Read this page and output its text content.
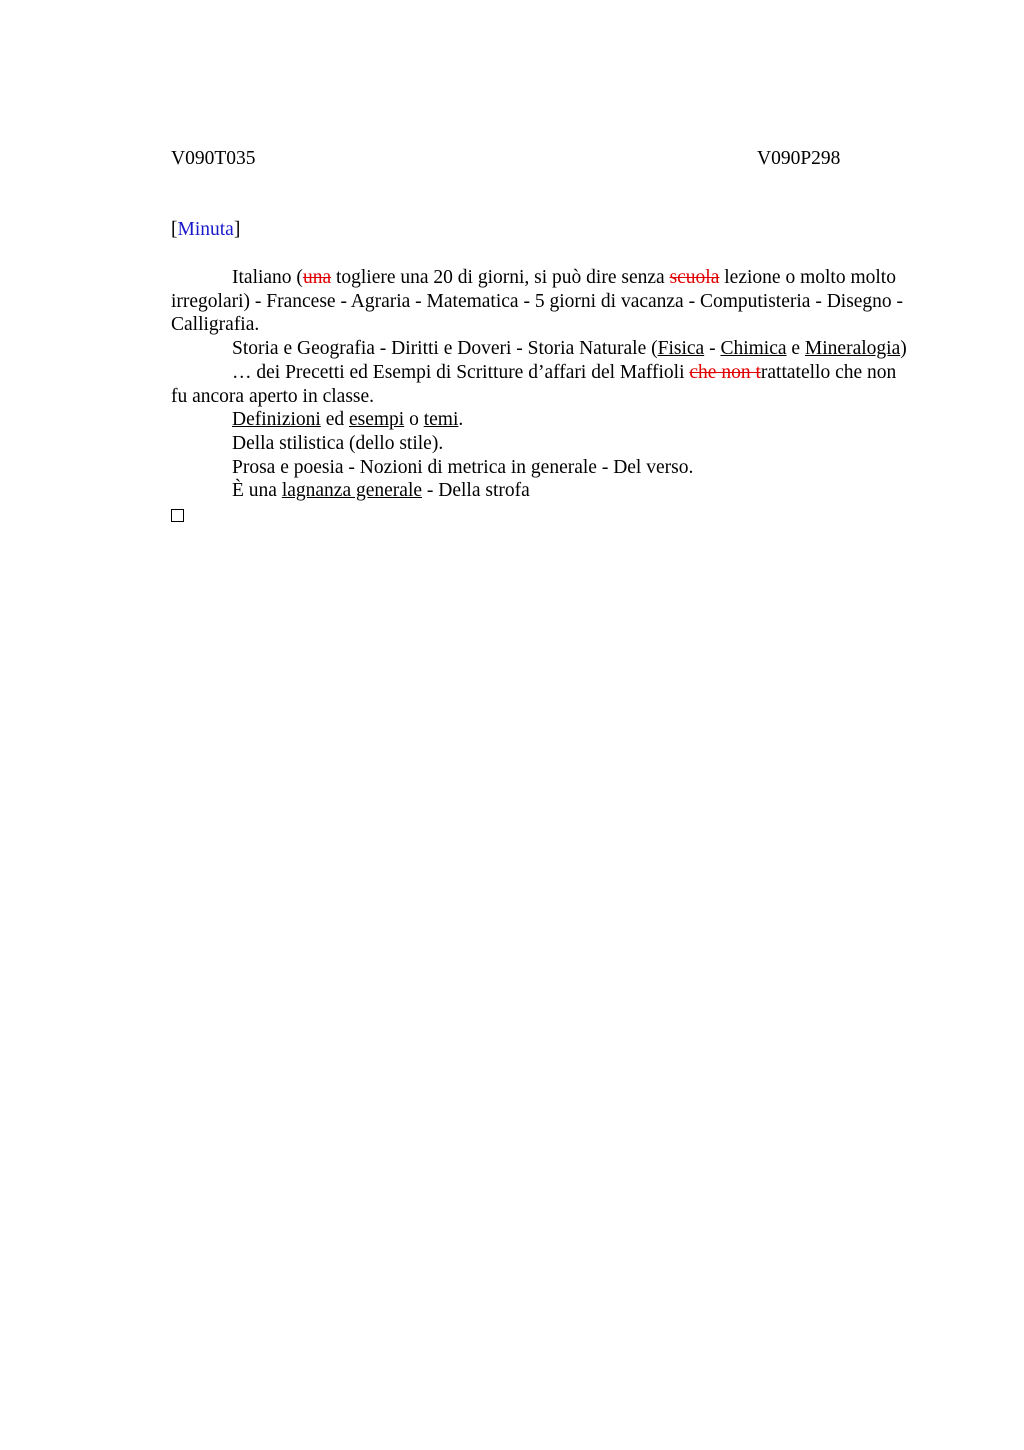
V090T035	V090P298
[Minuta]

Italiano (una togliere una 20 di giorni, si può dire senza scuola lezione o molto molto irregolari) - Francese - Agraria - Matematica - 5 giorni di vacanza - Computisteria - Disegno - Calligrafia.

Storia e Geografia - Diritti e Doveri - Storia Naturale (Fisica - Chimica e Mineralogia)

… dei Precetti ed Esempi di Scritture d’affari del Maffioli che non trattatello che non fu ancora aperto in classe.

Definizioni ed esempi o temi.

Della stilistica (dello stile).

Prosa e poesia - Nozioni di metrica in generale - Del verso.

È una lagnanza generale - Della strofa
